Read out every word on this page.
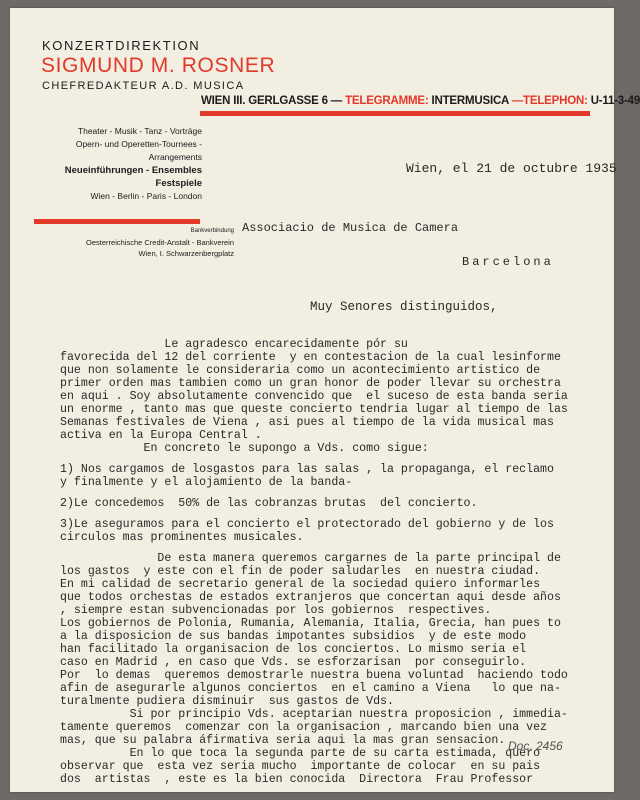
KONZERTDIREKTION
SIGMUND M. ROSNER
CHEFREDAKTEUR A.D. MUSICA
WIEN III. GERLGASSE 6 — TELEGRAMME: INTERMUSICA —TELEPHON: U-11-3-49
Theater - Musik - Tanz - Vorträge
Opern- und Operetten-Tournees -
Arrangements
Neueinführungen - Ensembles
Festspiele
Wien - Berlin - Paris - London
Bankverbindung
Oesterreichische Credit-Anstalt - Bankverein
Wien, I. Schwarzenbergplatz
Wien, el 21 de octubre 1935
Associacio de Musica de Camera
Barcelona
Muy Senores distinguidos,
Le agradesco encarecidamente pór su
favorecida del 12 del corriente  y en contestacion de la cual lesinforme
que non solamente le consideraria como un acontecimiento artistico de
primer orden mas tambien como un gran honor de poder llevar su orchestra
en aqui . Soy absolutamente convencido que  el suceso de esta banda seria
un enorme , tanto mas que queste concierto tendria lugar al tiempo de las
Semanas festivales de Viena , asi pues al tiempo de la vida musical mas
activa en la Europa Central .
En concreto le supongo a Vds. como sigue:
1) Nos cargamos de losgastos para las salas , la propaganga, el reclamo
y finalmente y el alojamiento de la banda-
2)Le concedemos  50% de las cobranzas brutas  del concierto.
3)Le aseguramos para el concierto el protectorado del gobierno y de los
circulos mas prominentes musicales.
De esta manera queremos cargarnes de la parte principal de
los gastos  y este con el fin de poder saludarles  en nuestra ciudad.
En mi calidad de secretario general de la sociedad quiero informarles
que todos orchestas de estados extranjeros que concertan aqui desde años
, siempre estan subvencionadas por los gobiernos  respectives.
Los gobiernos de Polonia, Rumania, Alemania, Italia, Grecia, han pues to
a la disposicion de sus bandas impotantes subsidios  y de este modo
han facilitado la organisacion de los conciertos. Lo mismo seria el
caso en Madrid , en caso que Vds. se esforzarisan  por conseguirlo.
Por  lo demas  queremos demostrarle nuestra buena voluntad  haciendo todo
afin de asegurarle algunos conciertos  en el camino a Viena   lo que na-
turalmente pudiera disminuir  sus gastos de Vds.
Si por principio Vds. aceptarian nuestra proposicion , immedia-
tamente queremos  comenzar con la organisacion , marcando bien una vez
mas, que su palabra áfirmativa seria aqui la mas gran sensacion.
En lo que toca la segunda parte de su carta estimada, quero
observar que  esta vez seria mucho  importante de colocar  en su pais
dos  artistas  , este es la bien conocida  Directora  Frau Professor
Doc. 2456
